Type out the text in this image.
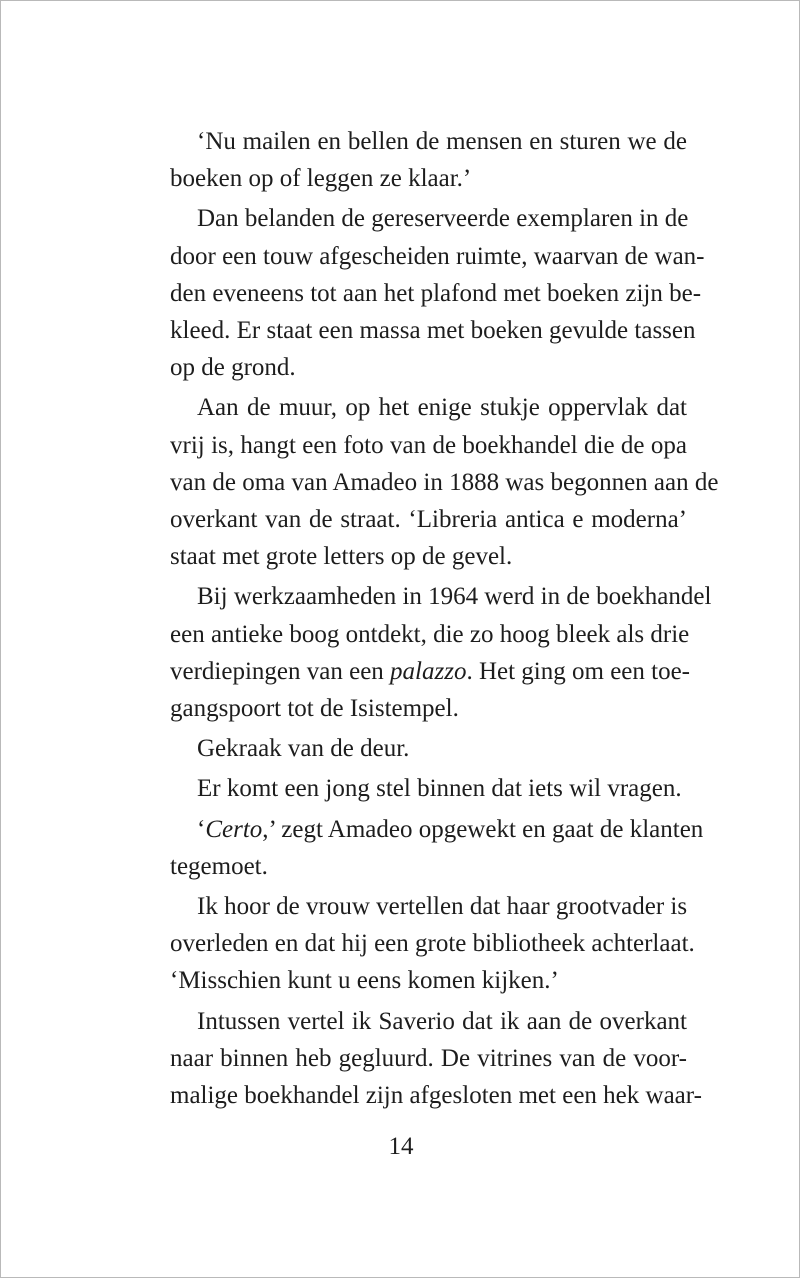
‘Nu mailen en bellen de mensen en sturen we de
boeken op of leggen ze klaar.’
Dan belanden de gereserveerde exemplaren in de
door een touw afgescheiden ruimte, waarvan de wan-
den eveneens tot aan het plafond met boeken zijn be-
kleed. Er staat een massa met boeken gevulde tassen
op de grond.
Aan de muur, op het enige stukje oppervlak dat
vrij is, hangt een foto van de boekhandel die de opa
van de oma van Amadeo in 1888 was begonnen aan de
overkant van de straat. ‘Libreria antica e moderna’
staat met grote letters op de gevel.
Bij werkzaamheden in 1964 werd in de boekhandel
een antieke boog ontdekt, die zo hoog bleek als drie
verdiepingen van een palazzo. Het ging om een toe-
gangspoort tot de Isistempel.
Gekraak van de deur.
Er komt een jong stel binnen dat iets wil vragen.
‘Certo,’ zegt Amadeo opgewekt en gaat de klanten
tegemoet.
Ik hoor de vrouw vertellen dat haar grootvader is
overleden en dat hij een grote bibliotheek achterlaat.
‘Misschien kunt u eens komen kijken.’
Intussen vertel ik Saverio dat ik aan de overkant
naar binnen heb gegluurd. De vitrines van de voor-
malige boekhandel zijn afgesloten met een hek waar-
14
